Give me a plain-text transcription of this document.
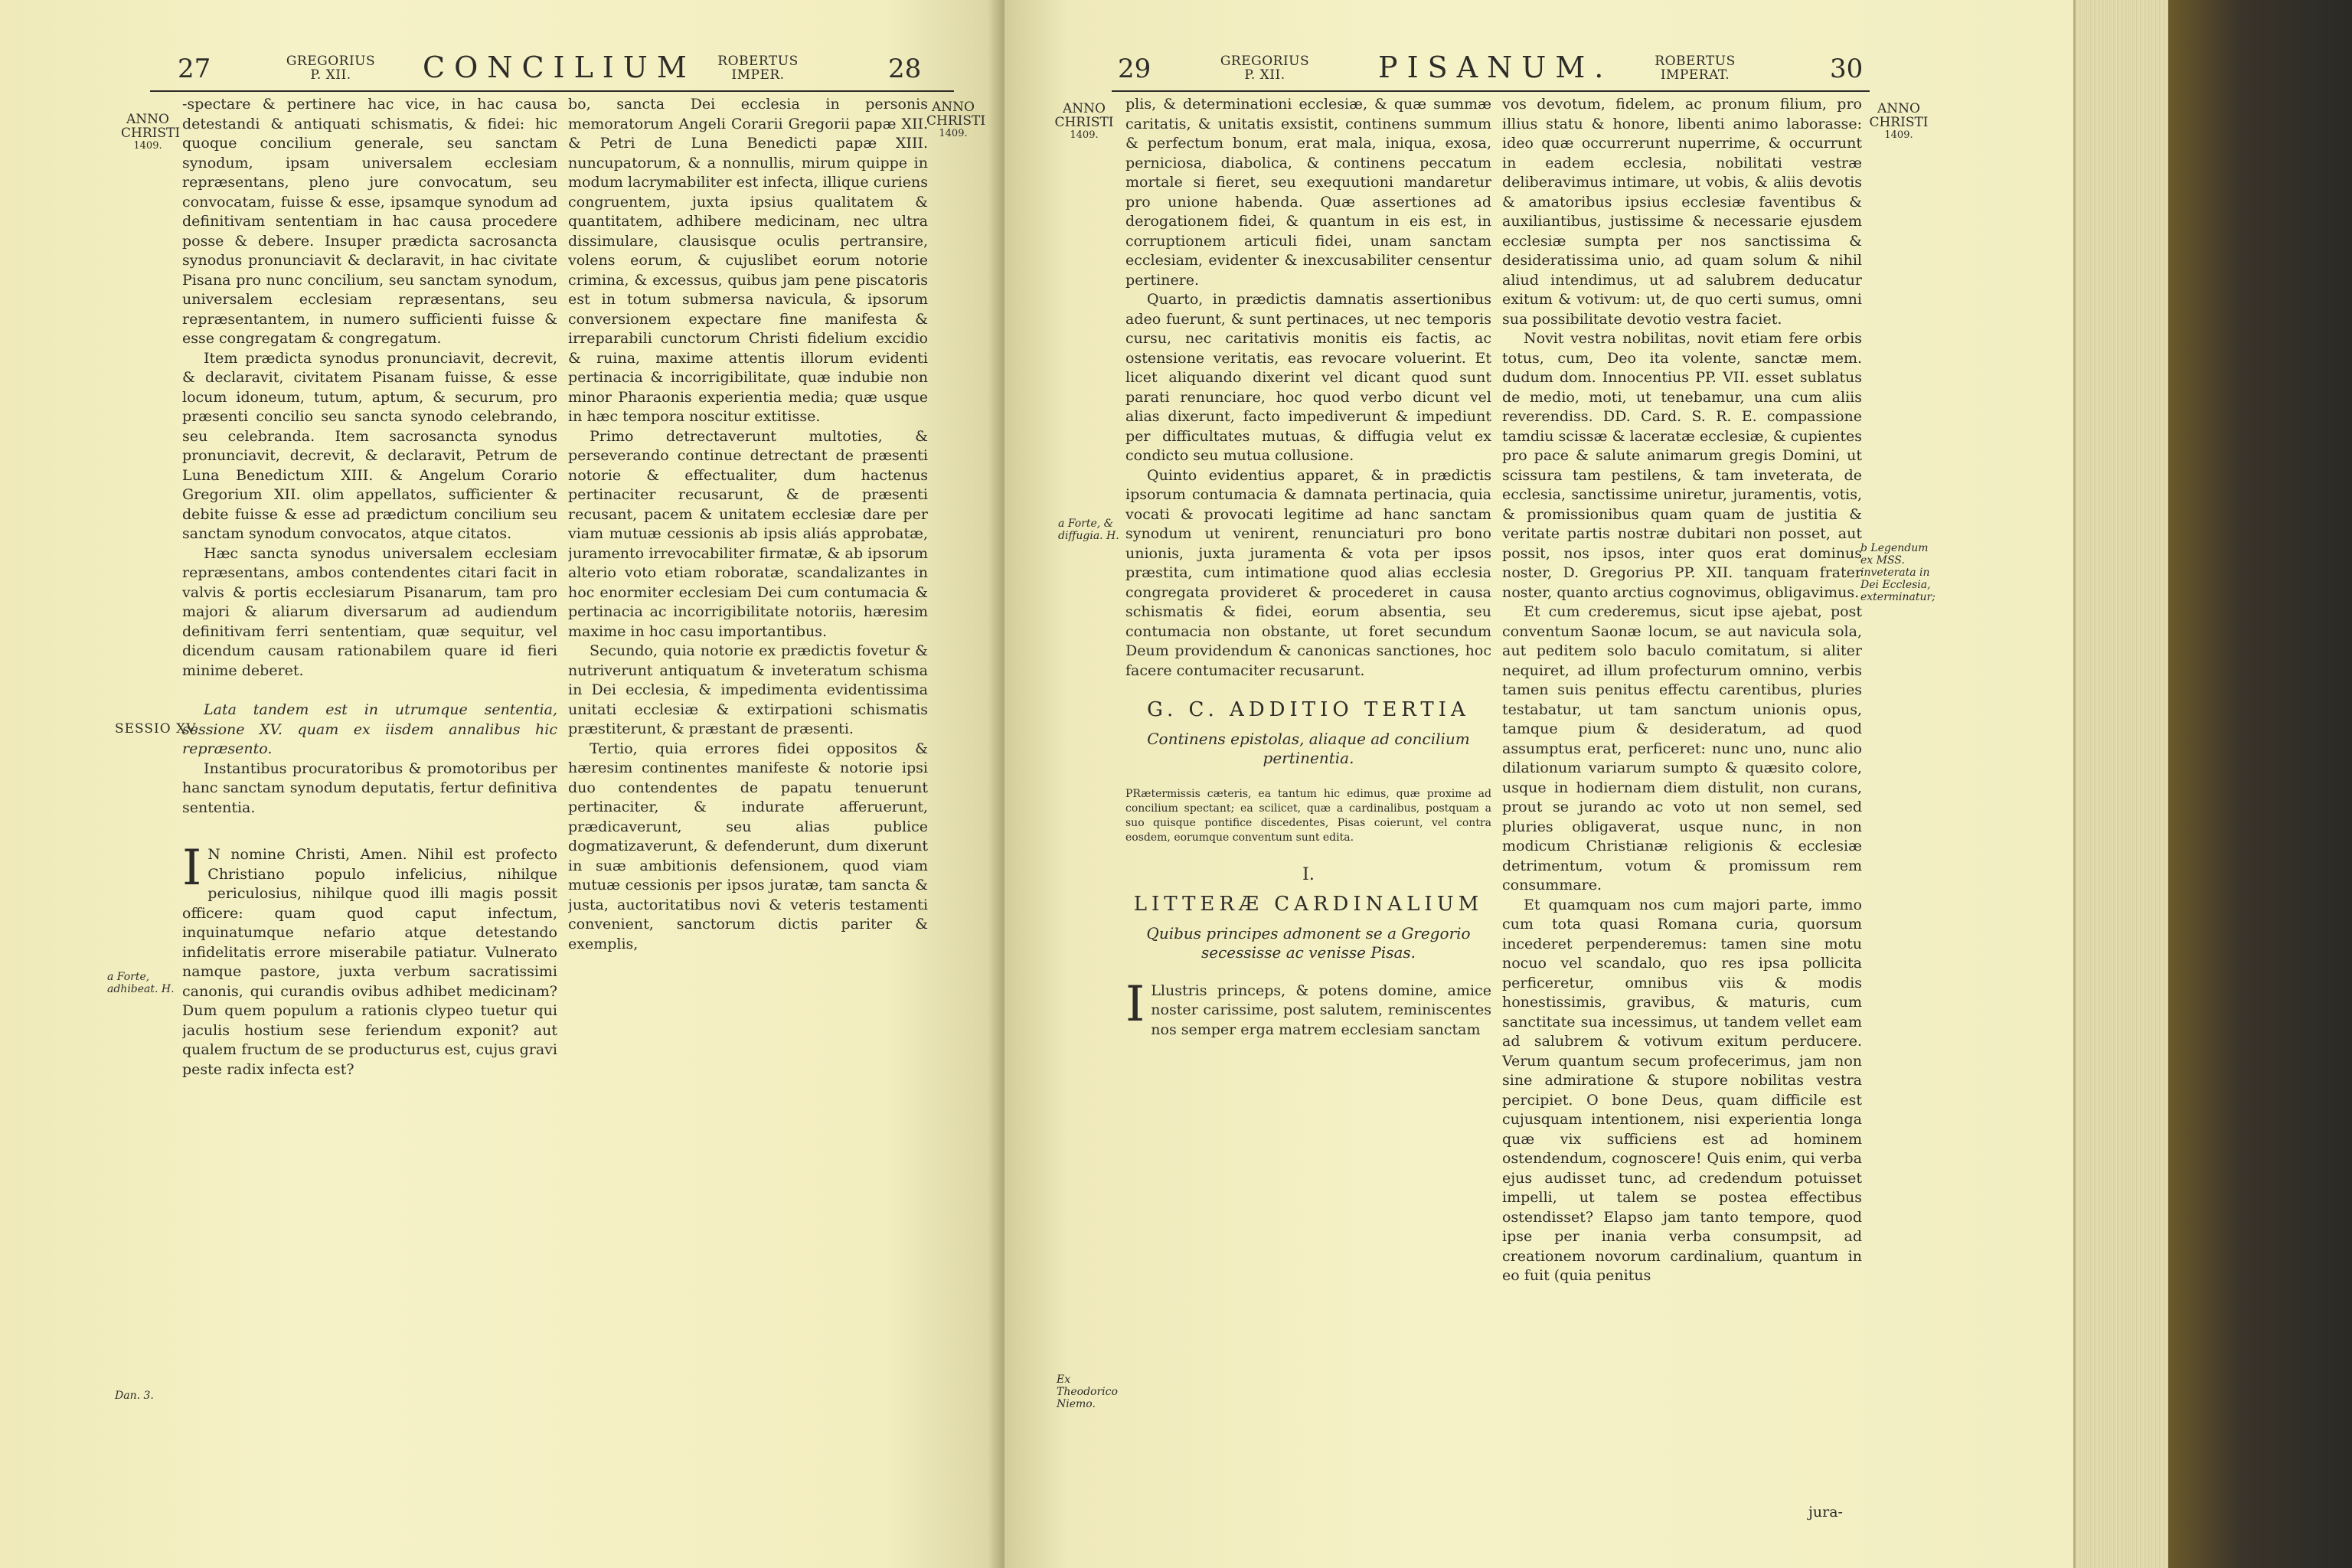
27	GREGORIUS
P. XII.	CONCILIUM	ROBERTUS
IMPER.	28
ANNO CHRISTI
1409.
ANNO CHRISTI
1409.
SESSIO XV.
a Forte, adhibeat. H.
Dan. 3.

-spectare & pertinere hac vice, in hac causa detestandi & antiquati schismatis, & fidei: hic quoque concilium generale, seu sanctam synodum, ipsam universalem ecclesiam repræsentans, pleno jure convocatum, seu convocatam, fuisse & esse, ipsamque synodum ad definitivam sententiam in hac causa procedere posse & debere. Insuper prædicta sacrosancta synodus pronunciavit & declaravit, in hac civitate Pisana pro nunc concilium, seu sanctam synodum, universalem ecclesiam repræsentans, seu repræsentantem, in numero sufficienti fuisse & esse congregatam & congregatum.

Item prædicta synodus pronunciavit, decrevit, & declaravit, civitatem Pisanam fuisse, & esse locum idoneum, tutum, aptum, & securum, pro præsenti concilio seu sancta synodo celebrando, seu celebranda. Item sacrosancta synodus pronunciavit, decrevit, & declaravit, Petrum de Luna Benedictum XIII. & Angelum Corario Gregorium XII. olim appellatos, sufficienter & debite fuisse & esse ad prædictum concilium seu sanctam synodum convocatos, atque citatos.

Hæc sancta synodus universalem ecclesiam repræsentans, ambos contendentes citari facit in valvis & portis ecclesiarum Pisanarum, tam pro majori & aliarum diversarum ad audiendum definitivam ferri sententiam, quæ sequitur, vel dicendum causam rationabilem quare id fieri minime deberet.

Lata tandem est in utrumque sententia, sessione XV. quam ex iisdem annalibus hic repræsento.

Instantibus procuratoribus & promotoribus per hanc sanctam synodum deputatis, fertur definitiva sententia.

I N nomine Christi, Amen. Nihil est profecto Christiano populo infelicius, nihilque periculosius, nihilque quod illi magis possit officere: quam quod caput infectum, inquinatumque nefario atque detestando infidelitatis errore miserabile patiatur. Vulnerato namque pastore, juxta verbum sacratissimi canonis, qui curandis ovibus adhibet medicinam? Dum quem populum a rationis clypeo tuetur qui jaculis hostium sese feriendum exponit? aut qualem fructum de se producturus est, cujus gravi peste radix infecta est?

bo, sancta Dei ecclesia in personis memoratorum Angeli Corarii Gregorii papæ XII. & Petri de Luna Benedicti papæ XIII. nuncupatorum, & a nonnullis, mirum quippe in modum lacrymabiliter est infecta, illique curiens congruentem, juxta ipsius qualitatem & quantitatem, adhibere medicinam, nec ultra dissimulare, clausisque oculis pertransire, volens eorum, & cujuslibet eorum notorie crimina, & excessus, quibus jam pene piscatoris est in totum submersa navicula, & ipsorum conversionem expectare fine manifesta & irreparabili cunctorum Christi fidelium excidio & ruina, maxime attentis illorum evidenti pertinacia & incorrigibilitate, quæ indubie non minor Pharaonis experientia media; quæ usque in hæc tempora noscitur extitisse.

Primo detrectaverunt multoties, & perseverando continue detrectant de præsenti notorie & effectualiter, dum hactenus pertinaciter recusarunt, & de præsenti recusant, pacem & unitatem ecclesiæ dare per viam mutuæ cessionis ab ipsis aliás approbatæ, juramento irrevocabiliter firmatæ, & ab ipsorum alterio voto etiam roboratæ, scandalizantes in hoc enormiter ecclesiam Dei cum contumacia & pertinacia ac incorrigibilitate notoriis, hæresim maxime in hoc casu importantibus.

Secundo, quia notorie ex prædictis fovetur & nutriverunt antiquatum & inveteratum schisma in Dei ecclesia, & impedimenta evidentissima unitati ecclesiæ & extirpationi schismatis præstiterunt, & præstant de præsenti.

Tertio, quia errores fidei oppositos & hæresim continentes manifeste & notorie ipsi duo contendentes de papatu tenuerunt pertinaciter, & indurate afferuerunt, prædicaverunt, seu alias publice dogmatizaverunt, & defenderunt, dum dixerunt in suæ ambitionis defensionem, quod viam mutuæ cessionis per ipsos juratæ, tam sancta & justa, auctoritatibus novi & veteris testamenti convenient, sanctorum dictis pariter & exemplis,

29	GREGORIUS
P. XII.	PISANUM.	ROBERTUS
IMPERAT.	30
ANNO CHRISTI
1409.
ANNO CHRISTI
1409.
a Forte, & diffugia. H.
b Legendum ex MSS. inveterata in Dei Ecclesia, exterminatur;
Ex Theodorico Niemo.

plis, & determinationi ecclesiæ, & quæ summæ caritatis, & unitatis exsistit, continens summum & perfectum bonum, erat mala, iniqua, exosa, perniciosa, diabolica, & continens peccatum mortale si fieret, seu exequutioni mandaretur pro unione habenda. Quæ assertiones ad derogationem fidei, & quantum in eis est, in corruptionem articuli fidei, unam sanctam ecclesiam, evidenter & inexcusabiliter censentur pertinere.

Quarto, in prædictis damnatis assertionibus adeo fuerunt, & sunt pertinaces, ut nec temporis cursu, nec caritativis monitis eis factis, ac ostensione veritatis, eas revocare voluerint. Et licet aliquando dixerint vel dicant quod sunt parati renunciare, hoc quod verbo dicunt vel alias dixerunt, facto impediverunt & impediunt per difficultates mutuas, & diffugia velut ex condicto seu mutua collusione.

Quinto evidentius apparet, & in prædictis ipsorum contumacia & damnata pertinacia, quia vocati & provocati legitime ad hanc sanctam synodum ut venirent, renunciaturi pro bono unionis, juxta juramenta & vota per ipsos præstita, cum intimatione quod alias ecclesia congregata provideret & procederet in causa schismatis & fidei, eorum absentia, seu contumacia non obstante, ut foret secundum Deum providendum & canonicas sanctiones, hoc facere contumaciter recusarunt.

G. C. ADDITIO TERTIA
Continens epistolas, aliaque ad concilium pertinentia.
PRætermissis cæteris, ea tantum hic edimus, quæ proxime ad concilium spectant; ea scilicet, quæ a cardinalibus, postquam a suo quisque pontifice discedentes, Pisas coierunt, vel contra eosdem, eorumque conventum sunt edita.
I.
LITTERÆ CARDINALIUM
Quibus principes admonent se a Gregorio secessisse ac venisse Pisas.

I Llustris princeps, & potens domine, amice noster carissime, post salutem, reminiscentes nos semper erga matrem ecclesiam sanctam

vos devotum, fidelem, ac pronum filium, pro illius statu & honore, libenti animo laborasse: ideo quæ occurrerunt nuperrime, & occurrunt in eadem ecclesia, nobilitati vestræ deliberavimus intimare, ut vobis, & aliis devotis & amatoribus ipsius ecclesiæ faventibus & auxiliantibus, justissime & necessarie ejusdem ecclesiæ sumpta per nos sanctissima & desideratissima unio, ad quam solum & nihil aliud intendimus, ut ad salubrem deducatur exitum & votivum: ut, de quo certi sumus, omni sua possibilitate devotio vestra faciet.

Novit vestra nobilitas, novit etiam fere orbis totus, cum, Deo ita volente, sanctæ mem. dudum dom. Innocentius PP. VII. esset sublatus de medio, moti, ut tenebamur, una cum aliis reverendiss. DD. Card. S. R. E. compassione tamdiu scissæ & laceratæ ecclesiæ, & cupientes pro pace & salute animarum gregis Domini, ut scissura tam pestilens, & tam inveterata, de ecclesia, sanctissime uniretur, juramentis, votis, & promissionibus quam quam de justitia & veritate partis nostræ dubitari non posset, aut possit, nos ipsos, inter quos erat dominus noster, D. Gregorius PP. XII. tanquam frater noster, quanto arctius cognovimus, obligavimus.

Et cum crederemus, sicut ipse ajebat, post conventum Saonæ locum, se aut navicula sola, aut peditem solo baculo comitatum, si aliter nequiret, ad illum profecturum omnino, verbis tamen suis penitus effectu carentibus, pluries testabatur, ut tam sanctum unionis opus, tamque pium & desideratum, ad quod assumptus erat, perficeret: nunc uno, nunc alio dilationum variarum sumpto & quæsito colore, usque in hodiernam diem distulit, non curans, prout se jurando ac voto ut non semel, sed pluries obligaverat, usque nunc, in non modicum Christianæ religionis & ecclesiæ detrimentum, votum & promissum rem consummare.

Et quamquam nos cum majori parte, immo cum tota quasi Romana curia, quorsum incederet perpenderemus: tamen sine motu nocuo vel scandalo, quo res ipsa pollicita perficeretur, omnibus viis & modis honestissimis, gravibus, & maturis, cum sanctitate sua incessimus, ut tandem vellet eam ad salubrem & votivum exitum perducere. Verum quantum secum profecerimus, jam non sine admiratione & stupore nobilitas vestra percipiet. O bone Deus, quam difficile est cujusquam intentionem, nisi experientia longa quæ vix sufficiens est ad hominem ostendendum, cognoscere! Quis enim, qui verba ejus audisset tunc, ad credendum potuisset impelli, ut talem se postea effectibus ostendisset? Elapso jam tanto tempore, quod ipse per inania verba consumpsit, ad creationem novorum cardinalium, quantum in eo fuit (quia penitus

jura-
